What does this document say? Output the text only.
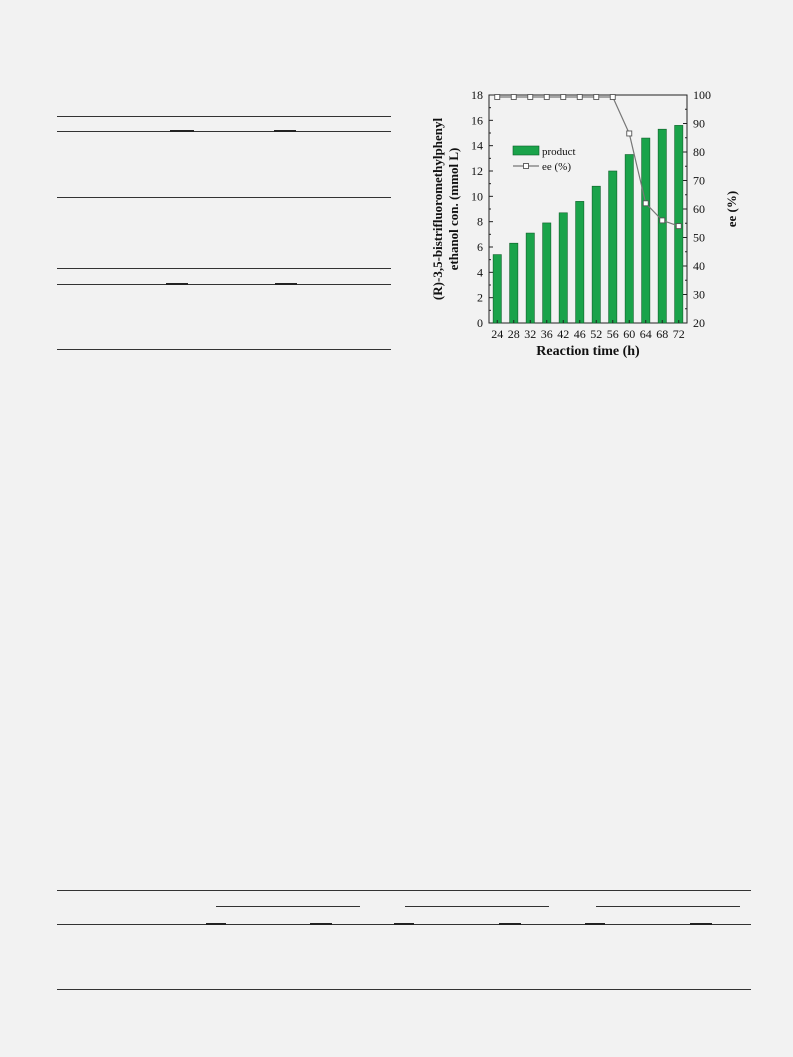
0
2
4
6
8
10
12
14
16
18
20
30
40
50
60
70
80
90
100
24 28 32 36 42 46 52 56 60 64 68 72
product
ee (%)
Reaction time (h)
(R)-3,5-bistrifluoromethylphenyl ethanol con. (mmol L)	ee (%)
